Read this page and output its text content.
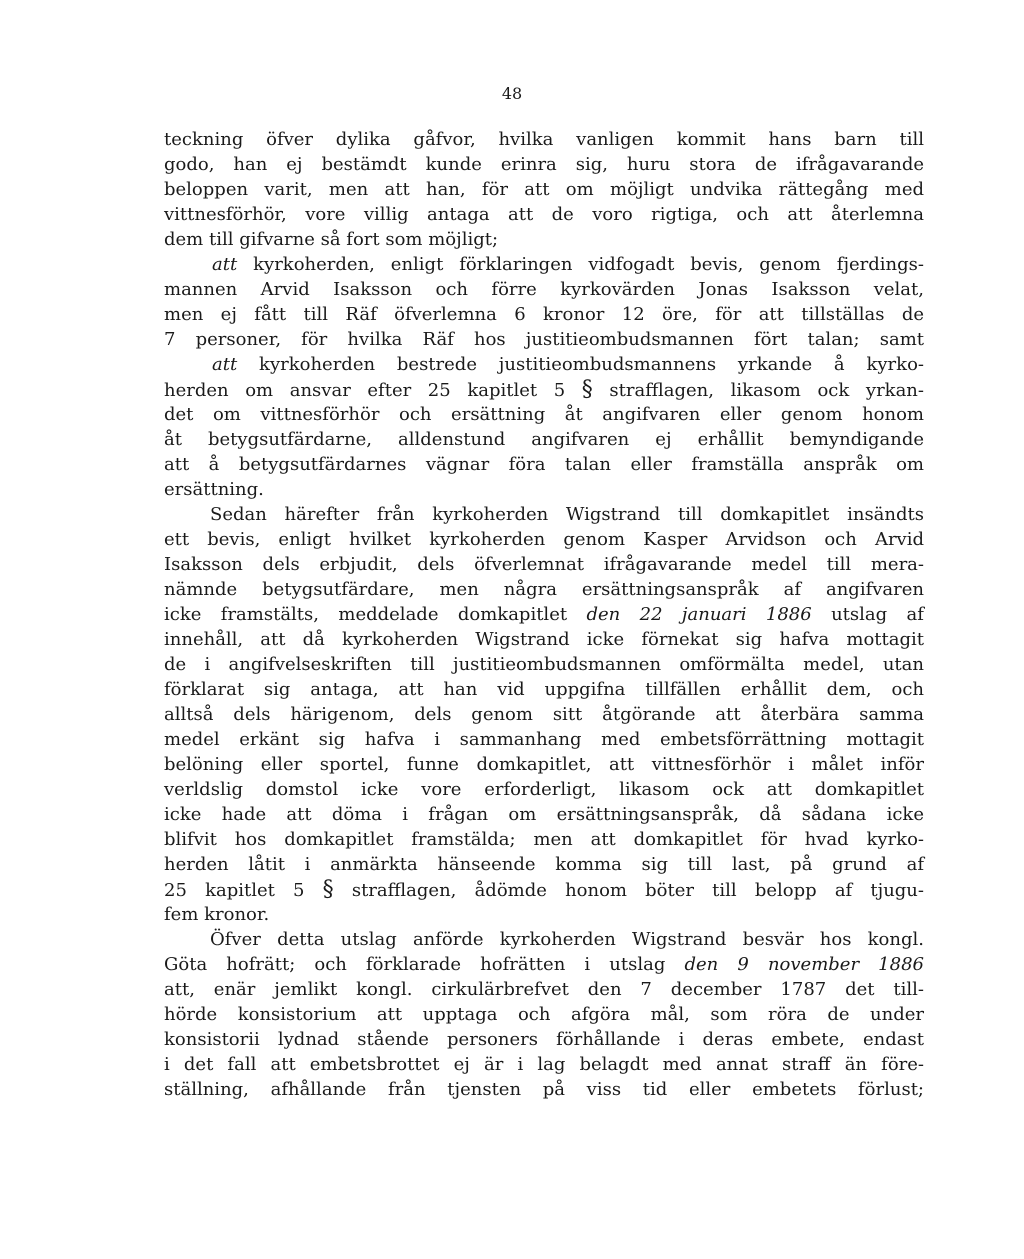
48
teckning öfver dylika gåfvor, hvilka vanligen kommit hans barn till
godo, han ej bestämdt kunde erinra sig, huru stora de ifrågavarande
beloppen varit, men att han, för att om möjligt undvika rättegång med
vittnesförhör, vore villig antaga att de voro rigtiga, och att återlemna
dem till gifvarne så fort som möjligt;
att kyrkoherden, enligt förklaringen vidfogadt bevis, genom fjerdings-
mannen Arvid Isaksson och förre kyrkovärden Jonas Isaksson velat,
men ej fått till Räf öfverlemna 6 kronor 12 öre, för att tillställas de
7 personer, för hvilka Räf hos justitieombudsmannen fört talan; samt
att kyrkoherden bestrede justitieombudsmannens yrkande å kyrko-
herden om ansvar efter 25 kapitlet 5 § strafflagen, likasom ock yrkan-
det om vittnesförhör och ersättning åt angifvaren eller genom honom
åt betygsutfärdarne, alldenstund angifvaren ej erhållit bemyndigande
att å betygsutfärdarnes vägnar föra talan eller framställa anspråk om
ersättning.
Sedan härefter från kyrkoherden Wigstrand till domkapitlet insändts
ett bevis, enligt hvilket kyrkoherden genom Kasper Arvidson och Arvid
Isaksson dels erbjudit, dels öfverlemnat ifrågavarande medel till mera-
nämnde betygsutfärdare, men några ersättningsanspråk af angifvaren
icke framstälts, meddelade domkapitlet den 22 januari 1886 utslag af
innehåll, att då kyrkoherden Wigstrand icke förnekat sig hafva mottagit
de i angifvelseskriften till justitieombudsmannen omförmälta medel, utan
förklarat sig antaga, att han vid uppgifna tillfällen erhållit dem, och
alltså dels härigenom, dels genom sitt åtgörande att återbära samma
medel erkänt sig hafva i sammanhang med embetsförrättning mottagit
belöning eller sportel, funne domkapitlet, att vittnesförhör i målet inför
verldslig domstol icke vore erforderligt, likasom ock att domkapitlet
icke hade att döma i frågan om ersättningsanspråk, då sådana icke
blifvit hos domkapitlet framstälda; men att domkapitlet för hvad kyrko-
herden låtit i anmärkta hänseende komma sig till last, på grund af
25 kapitlet 5 § strafflagen, ådömde honom böter till belopp af tjugu-
fem kronor.
Öfver detta utslag anförde kyrkoherden Wigstrand besvär hos kongl.
Göta hofrätt; och förklarade hofrätten i utslag den 9 november 1886
att, enär jemlikt kongl. cirkulärbrefvet den 7 december 1787 det till-
hörde konsistorium att upptaga och afgöra mål, som röra de under
konsistorii lydnad stående personers förhållande i deras embete, endast
i det fall att embetsbrottet ej är i lag belagdt med annat straff än före-
ställning, afhållande från tjensten på viss tid eller embetets förlust;
